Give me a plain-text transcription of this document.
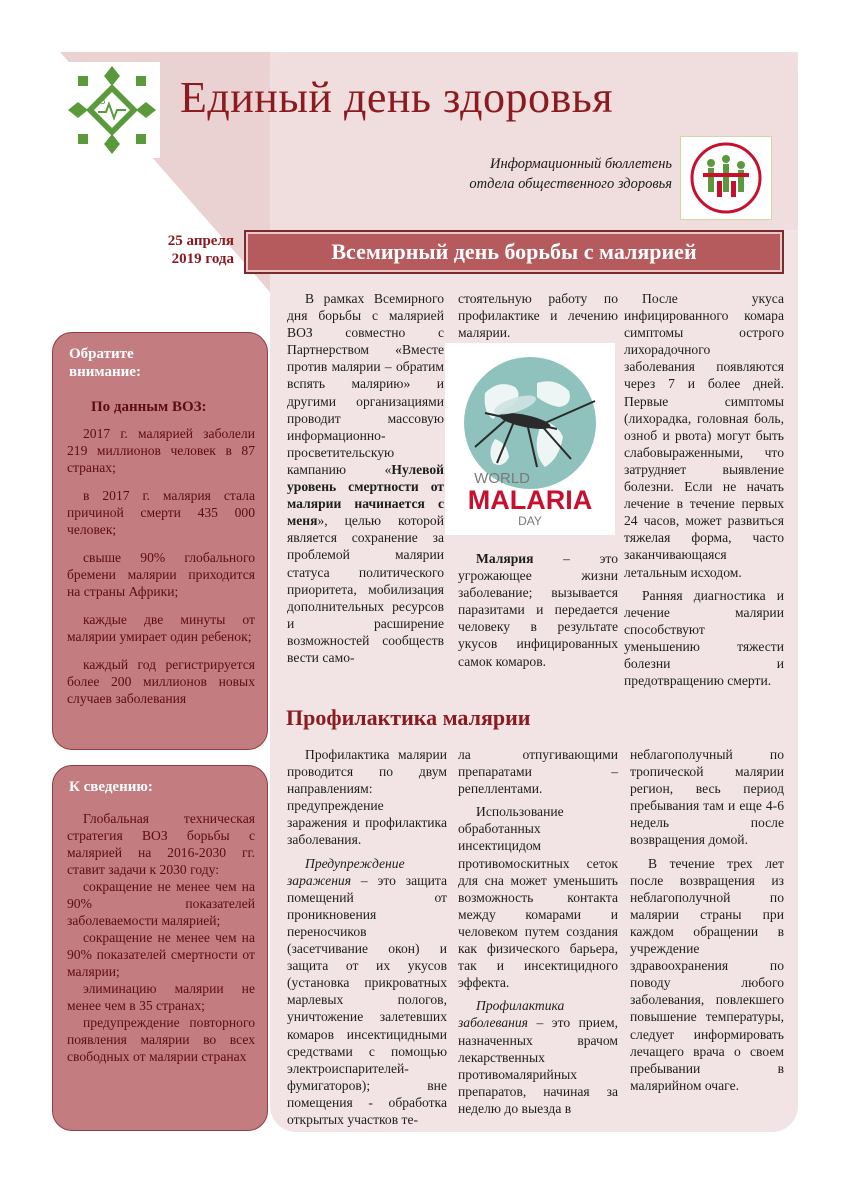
3 Единый день здоровья
Информационный бюллетень
отдела общественного здоровья
25 апреля
2019 года	Всемирный день борьбы с малярией
Обратите
внимание:
По данным ВОЗ:

2017 г. малярией заболели 219 миллионов человек в 87 странах;

в 2017 г. малярия стала причиной смерти 435 000 человек;

свыше 90% глобального бремени малярии приходится на страны Африки;

каждые две минуты от малярии умирает один ребенок;

каждый год регистрируется более 200 миллионов новых случаев заболевания

К сведению:

Глобальная техническая стратегия ВОЗ борьбы с малярией на 2016-2030 гг. ставит задачи к 2030 году:

сокращение не менее чем на 90% показателей заболеваемости малярией;

сокращение не менее чем на 90% показателей смертности от малярии;

элиминацию малярии не менее чем в 35 странах;

предупреждение повторного появления малярии во всех свободных от малярии странах

В рамках Всемирного дня борьбы с малярией ВОЗ совместно с Партнерством «Вместе против малярии – обратим вспять малярию» и другими организациями проводит массовую информационно-просветительскую кампанию «Нулевой уровень смертности от малярии начинается с меня», целью которой является сохранение за проблемой малярии статуса политического приоритета, мобилизация дополнительных ресурсов и расширение возможностей сообществ вести само-

стоятельную работу по профилактике и лечению малярии.

WORLD
MALARIA
DAY

Малярия – это угрожающее жизни заболевание; вызывается паразитами и передается человеку в результате укусов инфицированных самок комаров.

После укуса инфицированного комара симптомы острого лихорадочного заболевания появляются через 7 и более дней. Первые симптомы (лихорадка, головная боль, озноб и рвота) могут быть слабовыраженными, что затрудняет выявление болезни. Если не начать лечение в течение первых 24 часов, может развиться тяжелая форма, часто заканчивающаяся летальным исходом.

Ранняя диагностика и лечение малярии способствуют уменьшению тяжести болезни и предотвращению смерти.

Профилактика малярии

Профилактика малярии проводится по двум направлениям: предупреждение заражения и профилактика заболевания.

Предупреждение заражения – это защита помещений от проникновения переносчиков (засетчивание окон) и защита от их укусов (установка прикроватных марлевых пологов, уничтожение залетевших комаров инсектицидными средствами с помощью электроиспарителей-фумигаторов); вне помещения - обработка открытых участков те-

ла отпугивающими препаратами – репеллентами.

Использование обработанных инсектицидом противомоскитных сеток для сна может уменьшить возможность контакта между комарами и человеком путем создания как физического барьера, так и инсектицидного эффекта.

Профилактика заболевания – это прием, назначенных врачом лекарственных противомалярийных препаратов, начиная за неделю до выезда в

неблагополучный по тропической малярии регион, весь период пребывания там и еще 4-6 недель после возвращения домой.

В течение трех лет после возвращения из неблагополучной по малярии страны при каждом обращении в учреждение здравоохранения по поводу любого заболевания, повлекшего повышение температуры, следует информировать лечащего врача о своем пребывании в малярийном очаге.
